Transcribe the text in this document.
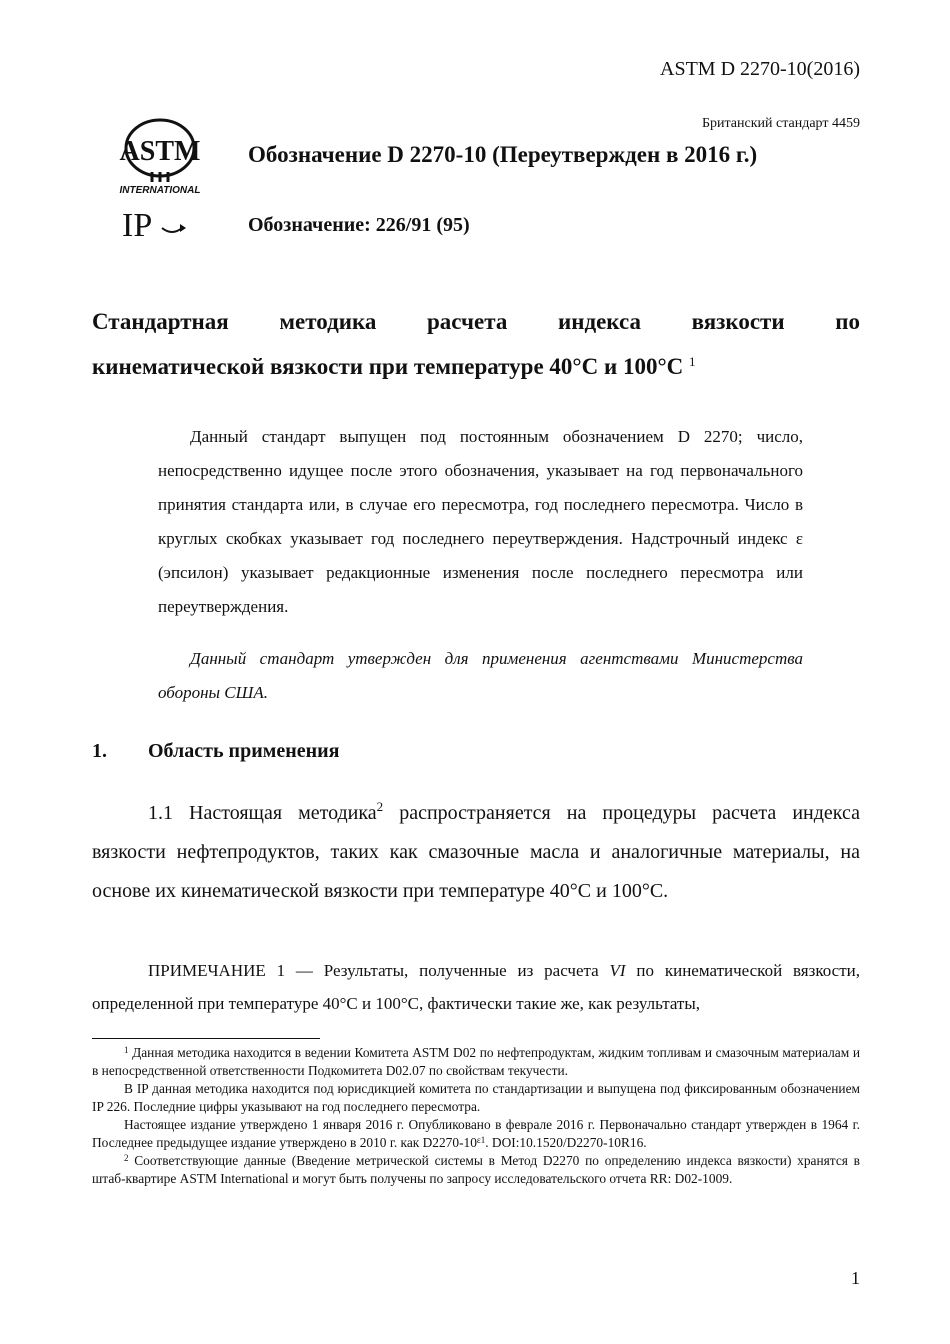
ASTM D 2270-10(2016)
Британский стандарт 4459
ASTM
INTERNATIONAL
IP
Обозначение D 2270-10 (Переутвержден в 2016 г.)
Обозначение: 226/91 (95)
Стандартная методика расчета индекса вязкости по
кинематической вязкости при температуре 40°С и 100°С $^1$
Данный стандарт выпущен под постоянным обозначением D 2270; число, непосредственно идущее после этого обозначения, указывает на год первоначального принятия стандарта или, в случае его пересмотра, год последнего пересмотра. Число в круглых скобках указывает год последнего переутверждения. Надстрочный индекс ε (эпсилон) указывает редакционные изменения после последнего пересмотра или переутверждения.
Данный стандарт утвержден для применения агентствами Министерства обороны США.
1. Область применения
1.1 Настоящая методика$^2$ распространяется на процедуры расчета индекса вязкости нефтепродуктов, таких как смазочные масла и аналогичные материалы, на основе их кинематической вязкости при температуре 40°С и 100°С.
ПРИМЕЧАНИЕ 1 — Результаты, полученные из расчета VI по кинематической вязкости, определенной при температуре 40°С и 100°С, фактически такие же, как результаты,

$^1$ Данная методика находится в ведении Комитета ASTM D02 по нефтепродуктам, жидким топливам и смазочным материалам и в непосредственной ответственности Подкомитета D02.07 по свойствам текучести.

В IP данная методика находится под юрисдикцией комитета по стандартизации и выпущена под фиксированным обозначением IP 226. Последние цифры указывают на год последнего пересмотра.

Настоящее издание утверждено 1 января 2016 г. Опубликовано в феврале 2016 г. Первоначально стандарт утвержден в 1964 г. Последнее предыдущее издание утверждено в 2010 г. как $D2270-10^{\varepsilon 1}$. DOI:10.1520/D2270-10R16.

$^2$ Соответствующие данные (Введение метрической системы в Метод D2270 по определению индекса вязкости) хранятся в штаб-квартире ASTM International и могут быть получены по запросу исследовательского отчета RR: D02-1009.

1
